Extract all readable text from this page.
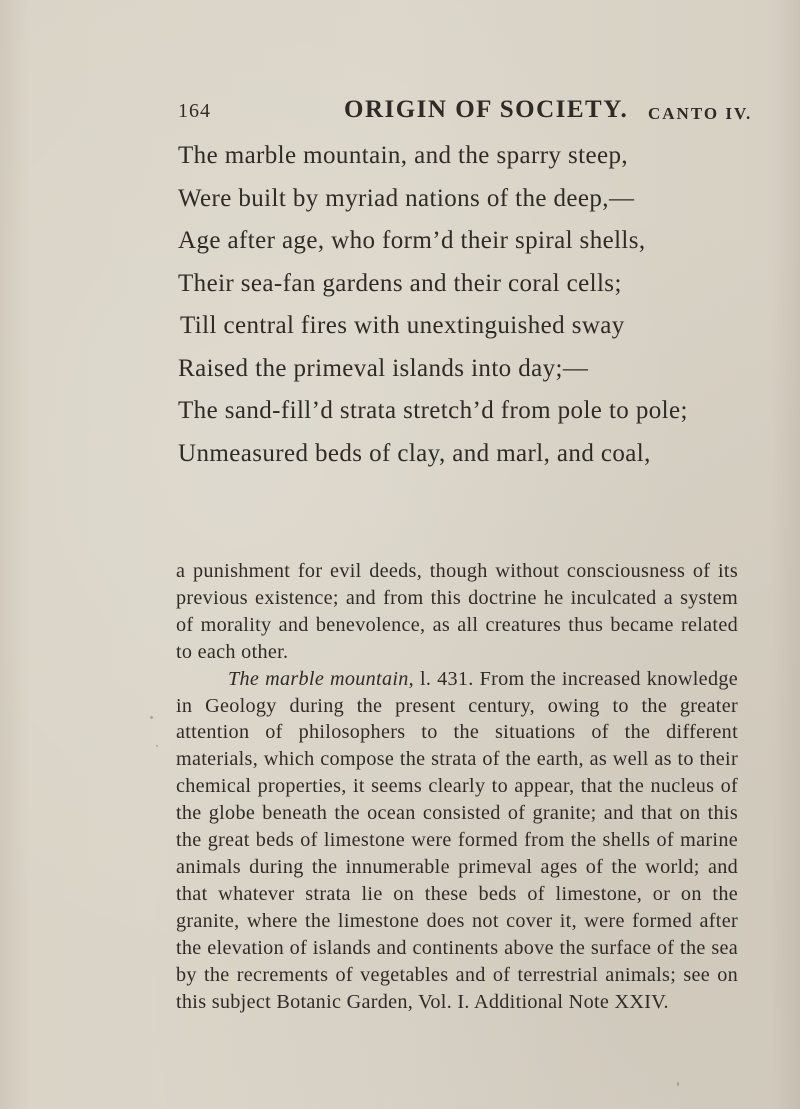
164	ORIGIN OF SOCIETY. CANTO IV.
The marble mountain, and the sparry steep,
Were built by myriad nations of the deep,—
Age after age, who form’d their spiral shells,
Their sea-fan gardens and their coral cells;
Till central fires with unextinguished sway
Raised the primeval islands into day;—
The sand-fill’d strata stretch’d from pole to pole;
Unmeasured beds of clay, and marl, and coal,

a punishment for evil deeds, though without consciousness of its previous existence; and from this doctrine he inculcated a system of morality and benevolence, as all creatures thus became related to each other.

The marble mountain, l. 431. From the increased knowledge in Geology during the present century, owing to the greater attention of philosophers to the situations of the different materials, which compose the strata of the earth, as well as to their chemical properties, it seems clearly to appear, that the nucleus of the globe beneath the ocean consisted of granite; and that on this the great beds of limestone were formed from the shells of marine animals during the innumerable primeval ages of the world; and that whatever strata lie on these beds of limestone, or on the granite, where the limestone does not cover it, were formed after the elevation of islands and continents above the surface of the sea by the recrements of vegetables and of terrestrial animals; see on this subject Botanic Garden, Vol. I. Additional Note XXIV.
